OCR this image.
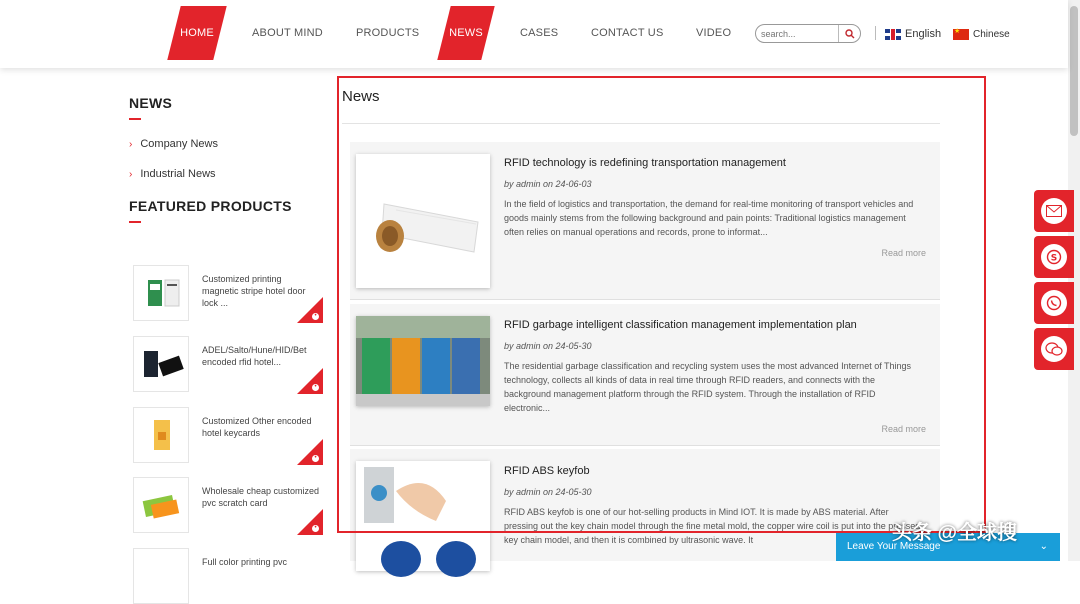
HOME	ABOUT MIND	PRODUCTS	NEWS	CASES	CONTACT US	VIDEO
search...	English
★	Chinese
NEWS
› Company News
› Industrial News
FEATURED PRODUCTS
Customized printing magnetic stripe hotel door lock ...
•
ADEL/Salto/Hune/HID/Bet encoded rfid hotel...
•
Customized Other encoded hotel keycards
•
Wholesale cheap customized pvc scratch card
•
Full color printing pvc
News
RFID technology is redefining transportation management
by admin on 24-06-03
In the field of logistics and transportation, the demand for real-time monitoring of transport vehicles and goods mainly stems from the following background and pain points: Traditional logistics management often relies on manual operations and records, prone to informat...
Read more
RFID garbage intelligent classification management implementation plan
by admin on 24-05-30
The residential garbage classification and recycling system uses the most advanced Internet of Things technology, collects all kinds of data in real time through RFID readers, and connects with the background management platform through the RFID system. Through the installation of RFID electronic...
Read more
RFID ABS keyfob
by admin on 24-05-30
RFID ABS keyfob is one of our hot-selling products in Mind IOT. It is made by ABS material. After pressing out the key chain model through the fine metal mold, the copper wire coil is put into the pressed key chain model, and then it is combined by ultrasonic wave. It
S
Leave Your Message	⌄
头条 @全球搜
